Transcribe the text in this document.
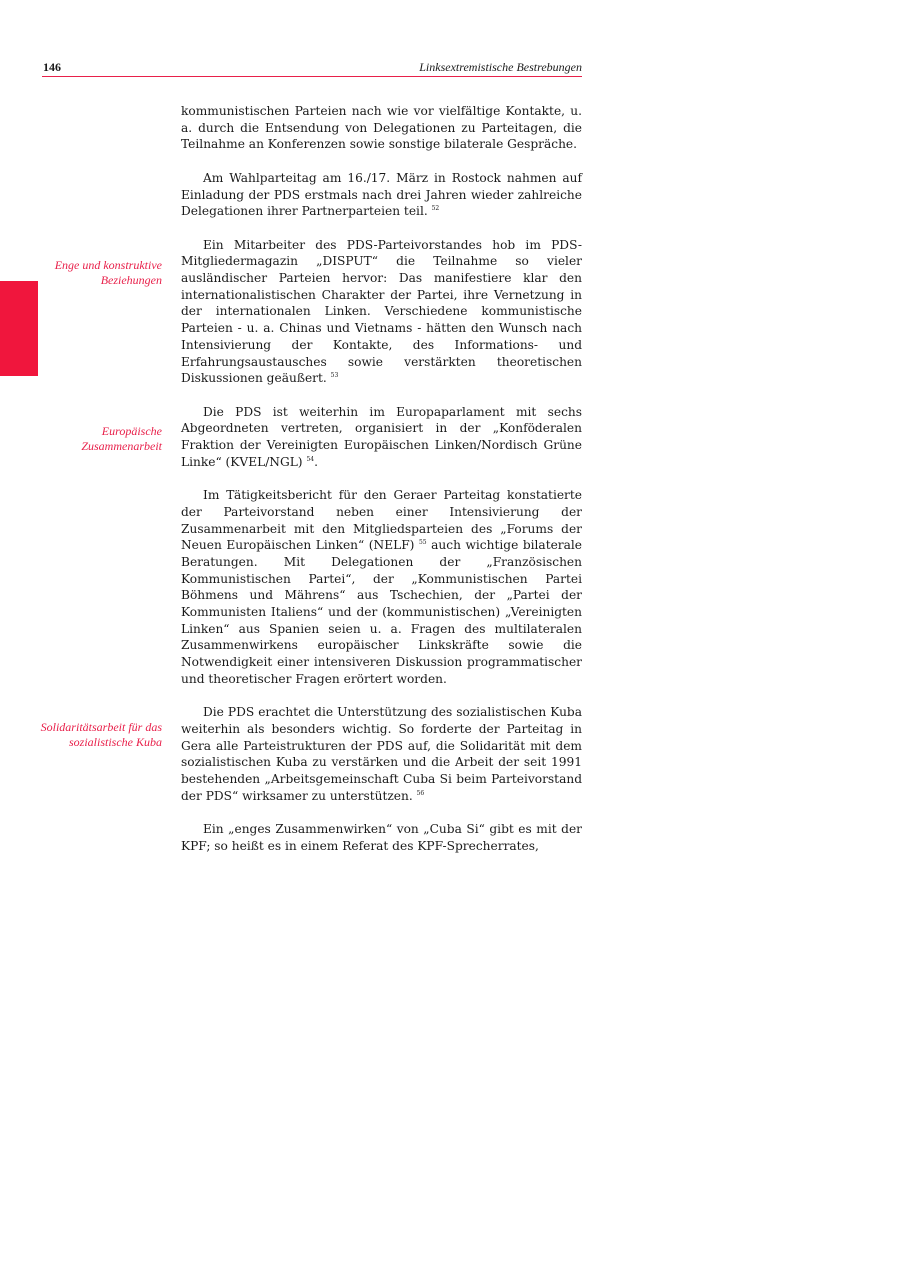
146	Linksextremistische Bestrebungen
Enge und konstruktive Beziehungen
Europäische Zusammenarbeit
Solidaritätsarbeit für das sozialistische Kuba

kommunistischen Parteien nach wie vor vielfältige Kontakte, u. a. durch die Entsendung von Delegationen zu Parteitagen, die Teilnahme an Konferenzen sowie sonstige bilaterale Gespräche.

Am Wahlparteitag am 16./17. März in Rostock nahmen auf Einladung der PDS erstmals nach drei Jahren wieder zahlreiche Delegationen ihrer Partnerparteien teil. $^{52}$

Ein Mitarbeiter des PDS-Parteivorstandes hob im PDS-Mitgliedermagazin „DISPUT“ die Teilnahme so vieler ausländischer Parteien hervor: Das manifestiere klar den internationalistischen Charakter der Partei, ihre Vernetzung in der internationalen Linken. Verschiedene kommunistische Parteien - u. a. Chinas und Vietnams - hätten den Wunsch nach Intensivierung der Kontakte, des Informations- und Erfahrungsaustausches sowie verstärkten theoretischen Diskussionen geäußert. $^{53}$

Die PDS ist weiterhin im Europaparlament mit sechs Abgeordneten vertreten, organisiert in der „Konföderalen Fraktion der Vereinigten Europäischen Linken/Nordisch Grüne Linke“ (KVEL/NGL) $^{54}$.

Im Tätigkeitsbericht für den Geraer Parteitag konstatierte der Parteivorstand neben einer Intensivierung der Zusammenarbeit mit den Mitgliedsparteien des „Forums der Neuen Europäischen Linken“ (NELF) $^{55}$ auch wichtige bilaterale Beratungen. Mit Delegationen der „Französischen Kommunistischen Partei“, der „Kommunistischen Partei Böhmens und Mährens“ aus Tschechien, der „Partei der Kommunisten Italiens“ und der (kommunistischen) „Vereinigten Linken“ aus Spanien seien u. a. Fragen des multilateralen Zusammenwirkens europäischer Linkskräfte sowie die Notwendigkeit einer intensiveren Diskussion programmatischer und theoretischer Fragen erörtert worden.

Die PDS erachtet die Unterstützung des sozialistischen Kuba weiterhin als besonders wichtig. So forderte der Parteitag in Gera alle Parteistrukturen der PDS auf, die Solidarität mit dem sozialistischen Kuba zu verstärken und die Arbeit der seit 1991 bestehenden „Arbeitsgemeinschaft Cuba Si beim Parteivorstand der PDS“ wirksamer zu unterstützen. $^{56}$

Ein „enges Zusammenwirken“ von „Cuba Si“ gibt es mit der KPF; so heißt es in einem Referat des KPF-Sprecherrates,
